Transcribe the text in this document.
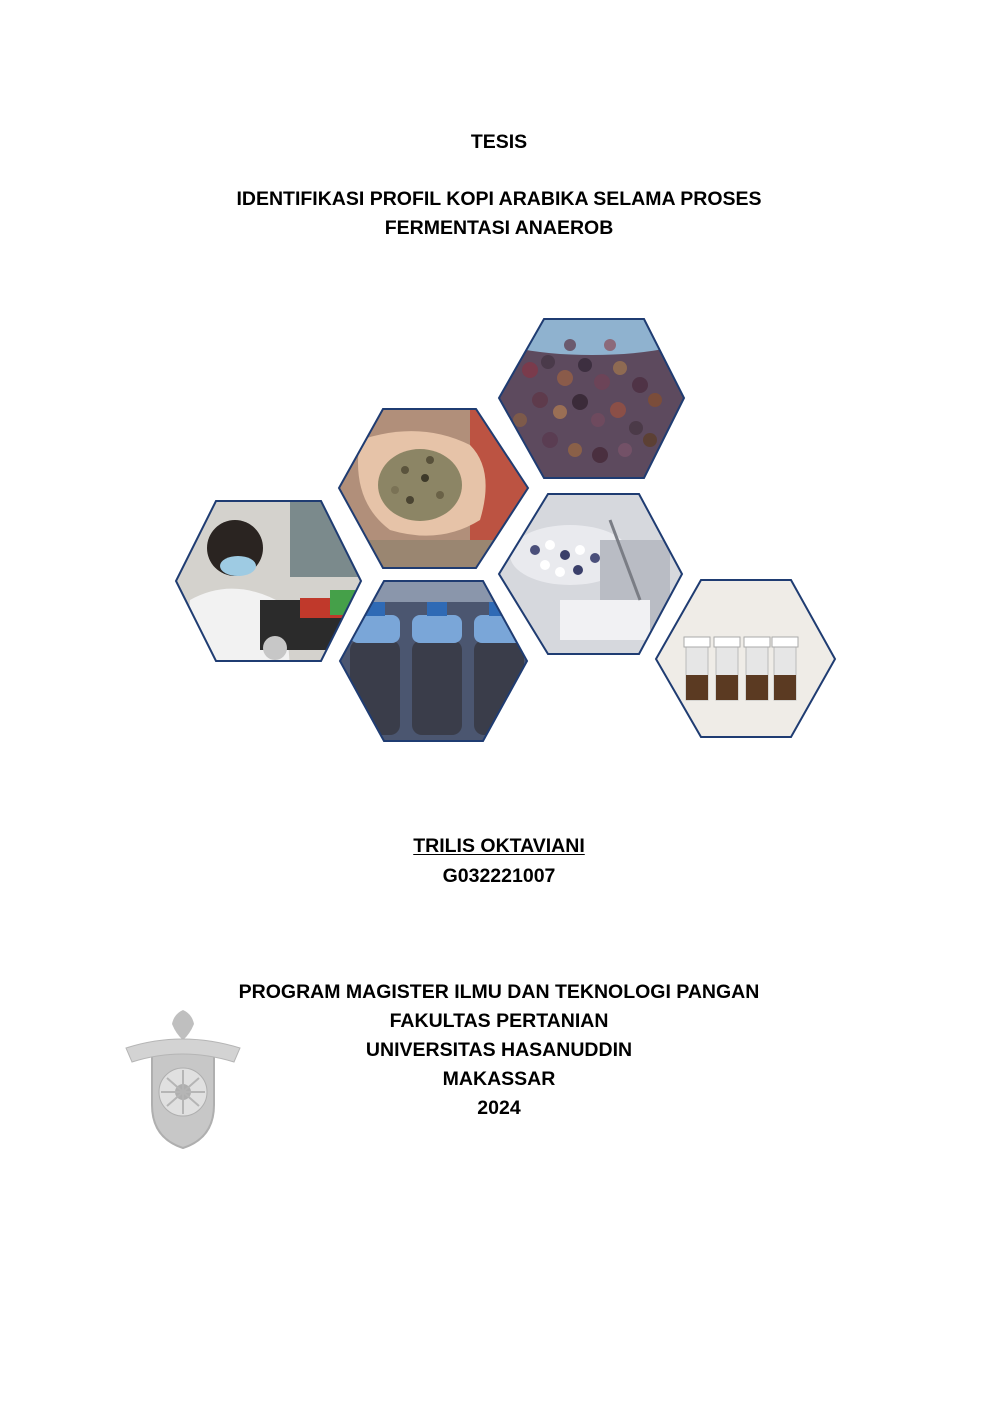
TESIS

IDENTIFIKASI PROFIL KOPI ARABIKA SELAMA PROSES

FERMENTASI ANAEROB

TRILIS OKTAVIANI

G032221007

PROGRAM MAGISTER ILMU DAN TEKNOLOGI PANGAN

FAKULTAS PERTANIAN

UNIVERSITAS HASANUDDIN

MAKASSAR

2024
